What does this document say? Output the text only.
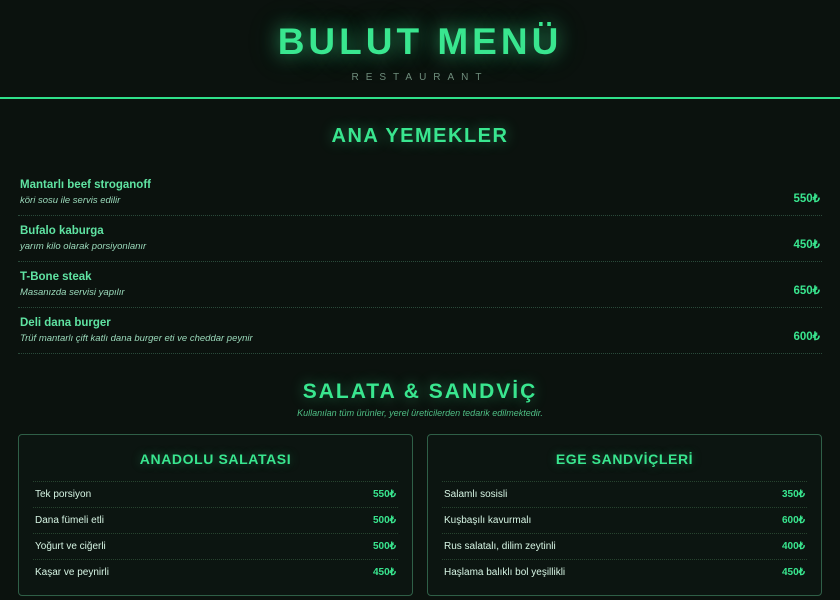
BULUT MENÜ
RESTAURANT
ANA YEMEKLER
Mantarlı beef stroganoff
köri sosu ile servis edilir	550₺
Bufalo kaburga
yarım kilo olarak porsiyonlanır	450₺
T-Bone steak
Masanızda servisi yapılır	650₺
Deli dana burger
Trüf mantarlı çift katlı dana burger eti ve cheddar peynir	600₺
SALATA & SANDVİÇ

Kullanılan tüm ürünler, yerel üreticilerden tedarik edilmektedir.

ANADOLU SALATASI
Tek porsiyon	550₺
Dana fümeli etli	500₺
Yoğurt ve ciğerli	500₺
Kaşar ve peynirli	450₺
EGE SANDVİÇLERİ
Salamlı sosisli	350₺
Kuşbaşılı kavurmalı	600₺
Rus salatalı, dilim zeytinli	400₺
Haşlama balıklı bol yeşillikli	450₺
